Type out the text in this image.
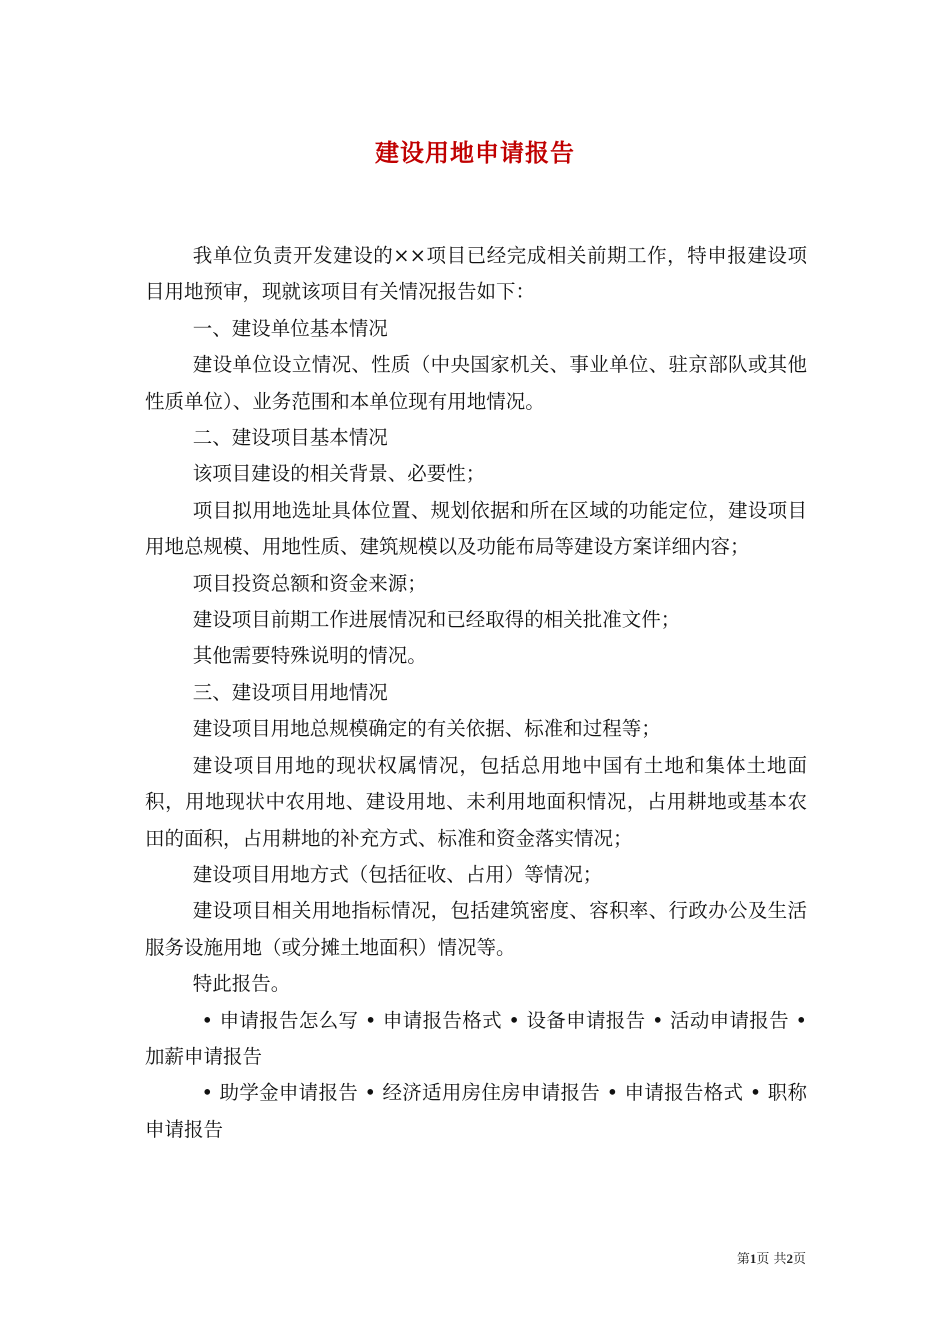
建设用地申请报告

我单位负责开发建设的××项目已经完成相关前期工作，特申报建设项目用地预审，现就该项目有关情况报告如下：

一、建设单位基本情况

建设单位设立情况、性质（中央国家机关、事业单位、驻京部队或其他性质单位）、业务范围和本单位现有用地情况。

二、建设项目基本情况

该项目建设的相关背景、必要性；

项目拟用地选址具体位置、规划依据和所在区域的功能定位，建设项目用地总规模、用地性质、建筑规模以及功能布局等建设方案详细内容；

项目投资总额和资金来源；

建设项目前期工作进展情况和已经取得的相关批准文件；

其他需要特殊说明的情况。

三、建设项目用地情况

建设项目用地总规模确定的有关依据、标准和过程等；

建设项目用地的现状权属情况，包括总用地中国有土地和集体土地面积，用地现状中农用地、建设用地、未利用地面积情况，占用耕地或基本农田的面积，占用耕地的补充方式、标准和资金落实情况；

建设项目用地方式（包括征收、占用）等情况；

建设项目相关用地指标情况，包括建筑密度、容积率、行政办公及生活服务设施用地（或分摊土地面积）情况等。

特此报告。

• 申请报告怎么写 • 申请报告格式 • 设备申请报告 • 活动申请报告 • 加薪申请报告

• 助学金申请报告 • 经济适用房住房申请报告 • 申请报告格式 • 职称申请报告

第1页 共2页
